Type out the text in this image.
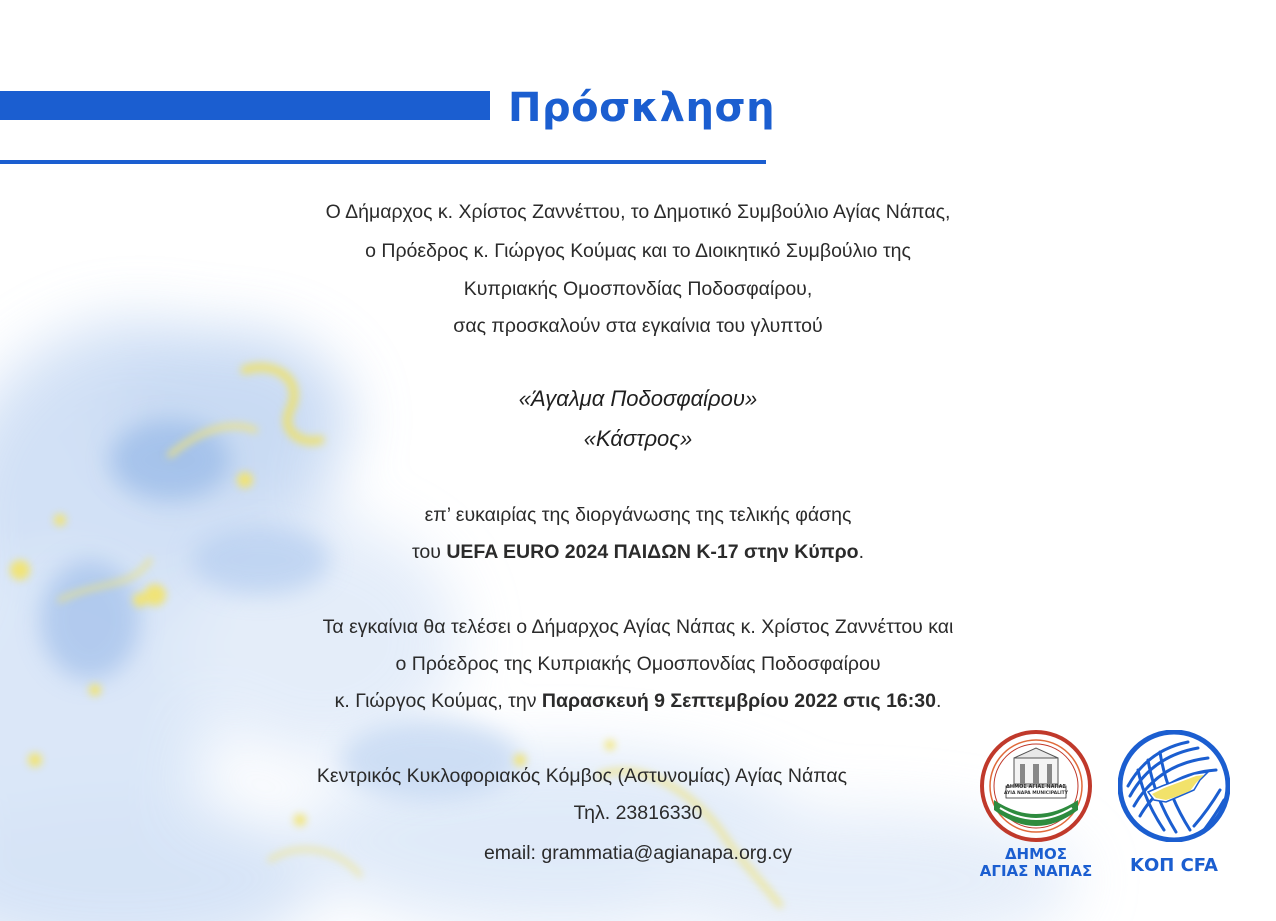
Πρόσκληση
Ο Δήμαρχος κ. Χρίστος Ζαννέττου, το Δημοτικό Συμβούλιο Αγίας Νάπας,
ο Πρόεδρος κ. Γιώργος Κούμας και το Διοικητικό Συμβούλιο της
Κυπριακής Ομοσπονδίας Ποδοσφαίρου,
σας προσκαλούν στα εγκαίνια του γλυπτού
«Άγαλμα Ποδοσφαίρου»
«Κάστρος»
επ’ ευκαιρίας της διοργάνωσης της τελικής φάσης
του UEFA EURO 2024 ΠΑΙΔΩΝ Κ-17 στην Κύπρο.
Τα εγκαίνια θα τελέσει ο Δήμαρχος Αγίας Νάπας κ. Χρίστος Ζαννέττου και
ο Πρόεδρος της Κυπριακής Ομοσπονδίας Ποδοσφαίρου
κ. Γιώργος Κούμας, την Παρασκευή 9 Σεπτεμβρίου 2022 στις 16:30.
Κεντρικός Κυκλοφοριακός Κόμβος (Αστυνομίας) Αγίας Νάπας
Τηλ. 23816330
email: grammatia@agianapa.org.cy
ΔΗΜΟΣ ΑΓΙΑΣ ΝΑΠΑΣ
AYIA NAPA MUNICIPALITY
ΔΗΜΟΣ
ΑΓΙΑΣ ΝΑΠΑΣ	ΚΟΠ CFA
